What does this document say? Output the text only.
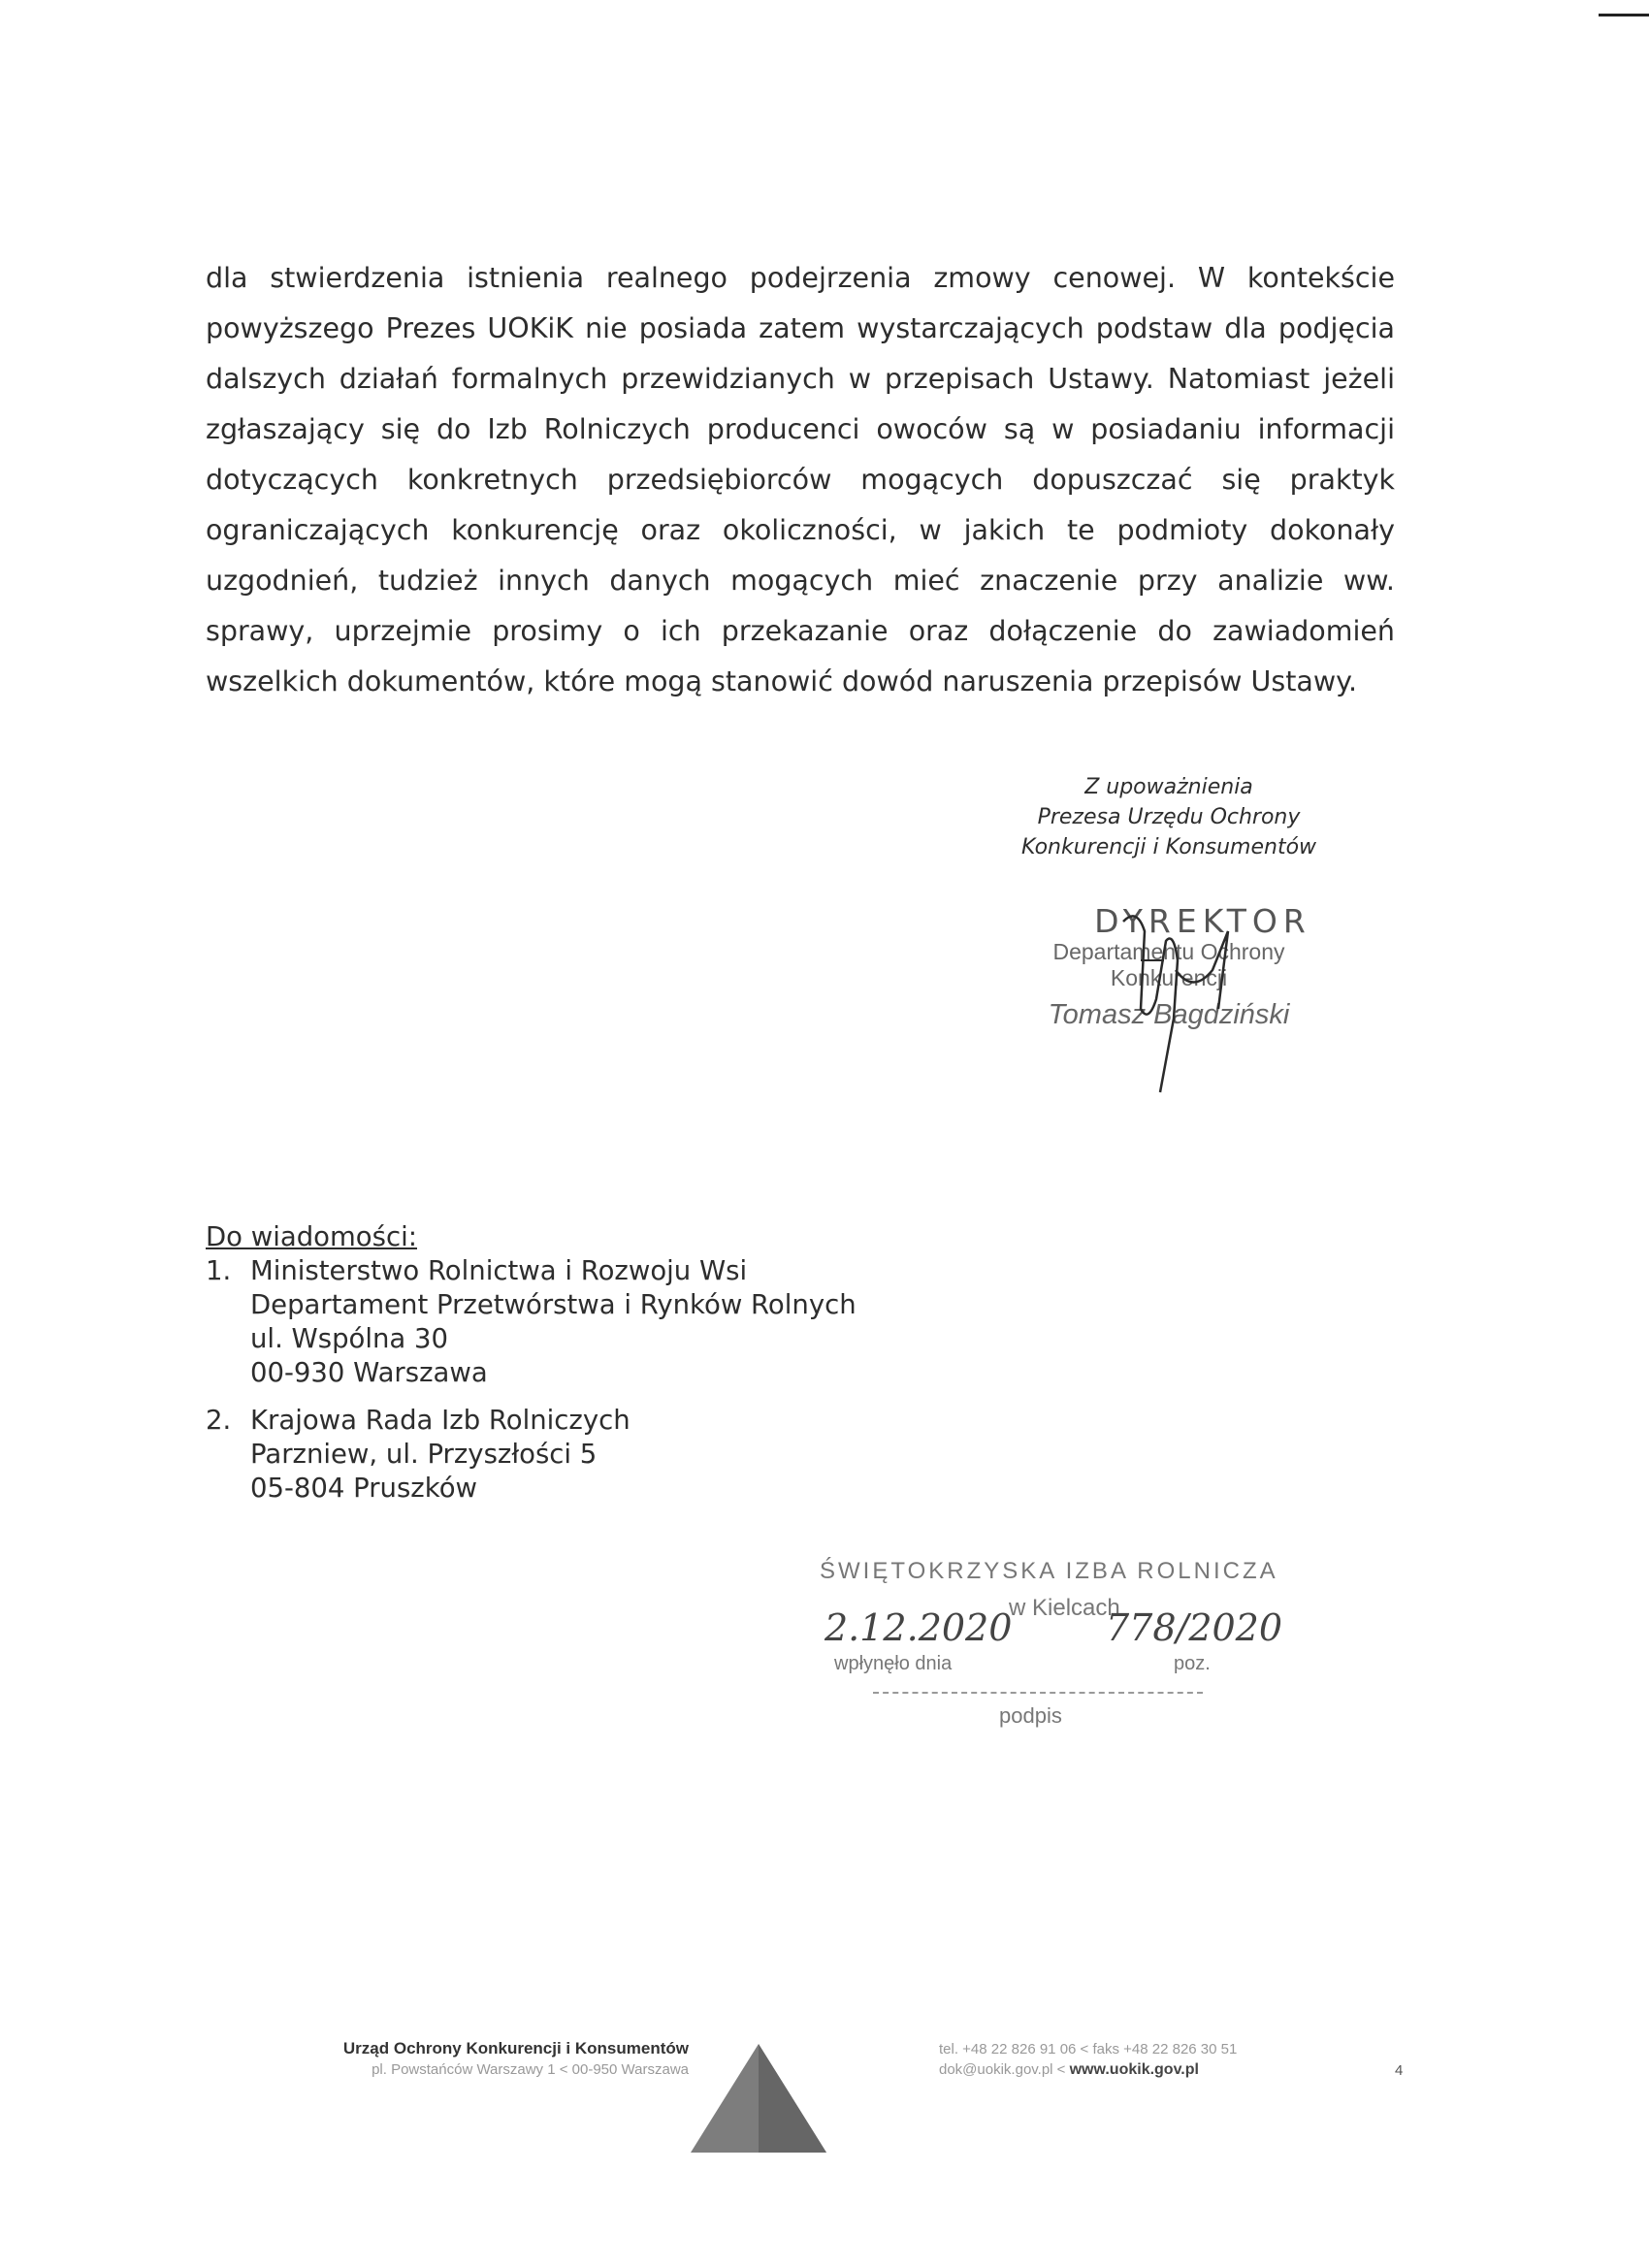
dla stwierdzenia istnienia realnego podejrzenia zmowy cenowej. W kontekście powyższego Prezes UOKiK nie posiada zatem wystarczających podstaw dla podjęcia dalszych działań formalnych przewidzianych w przepisach Ustawy. Natomiast jeżeli zgłaszający się do Izb Rolniczych producenci owoców są w posiadaniu informacji dotyczących konkretnych przedsiębiorców mogących dopuszczać się praktyk ograniczających konkurencję oraz okoliczności, w jakich te podmioty dokonały uzgodnień, tudzież innych danych mogących mieć znaczenie przy analizie ww. sprawy, uprzejmie prosimy o ich przekazanie oraz dołączenie do zawiadomień wszelkich dokumentów, które mogą stanowić dowód naruszenia przepisów Ustawy.

Z upoważnienia
Prezesa Urzędu Ochrony
Konkurencji i Konsumentów
DYREKTOR
Departamentu Ochrony Konkurencji
Tomasz Bagdziński
Do wiadomości:
1. Ministerstwo Rolnictwa i Rozwoju Wsi
Departament Przetwórstwa i Rynków Rolnych
ul. Wspólna 30
00-930 Warszawa
2. Krajowa Rada Izb Rolniczych
Parzniew, ul. Przyszłości 5
05-804 Pruszków
ŚWIĘTOKRZYSKA IZBA ROLNICZA
w Kielcach
2.12.2020	778/2020
wpłynęło dnia	poz.
podpis
Urząd Ochrony Konkurencji i Konsumentów
pl. Powstańców Warszawy 1 < 00-950 Warszawa
tel. +48 22 826 91 06 < faks +48 22 826 30 51
dok@uokik.gov.pl < www.uokik.gov.pl	4
